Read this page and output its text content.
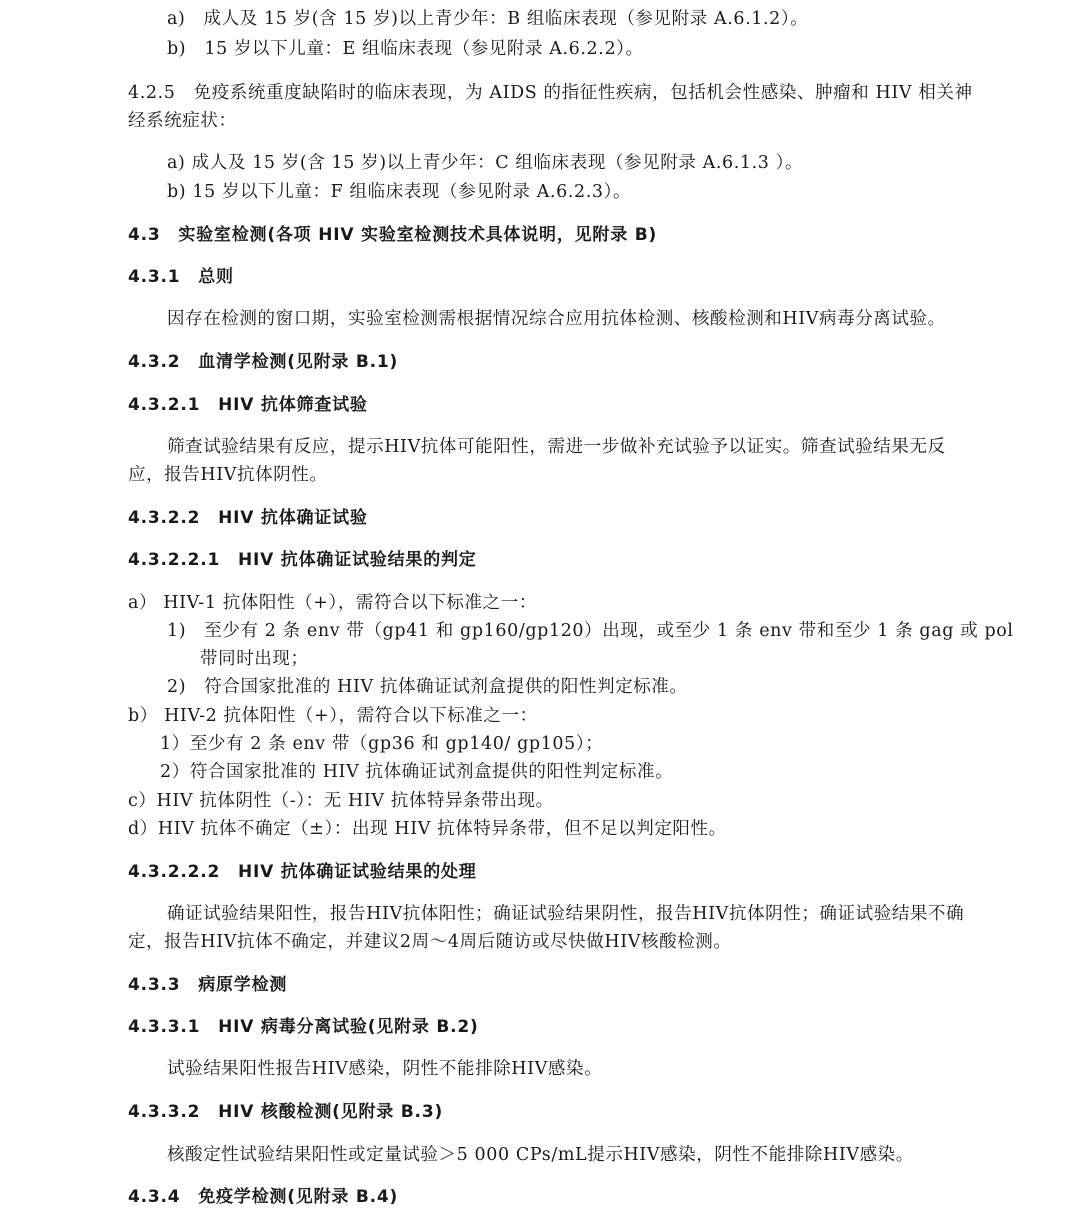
a)　成人及 15 岁(含 15 岁)以上青少年：B 组临床表现（参见附录 A.6.1.2）。
b)　15 岁以下儿童：E 组临床表现（参见附录 A.6.2.2）。
4.2.5　免疫系统重度缺陷时的临床表现，为 AIDS 的指征性疾病，包括机会性感染、肿瘤和 HIV 相关神
经系统症状：
a) 成人及 15 岁(含 15 岁)以上青少年：C 组临床表现（参见附录 A.6.1.3 ）。
b) 15 岁以下儿童：F 组临床表现（参见附录 A.6.2.3）。
4.3　实验室检测(各项 HIV 实验室检测技术具体说明，见附录 B)
4.3.1　总则
因存在检测的窗口期，实验室检测需根据情况综合应用抗体检测、核酸检测和HIV病毒分离试验。
4.3.2　血清学检测(见附录 B.1)
4.3.2.1　HIV 抗体筛查试验
筛查试验结果有反应，提示HIV抗体可能阳性，需进一步做补充试验予以证实。筛查试验结果无反
应，报告HIV抗体阴性。
4.3.2.2　HIV 抗体确证试验
4.3.2.2.1　HIV 抗体确证试验结果的判定
a） HIV-1 抗体阳性（+），需符合以下标准之一：
1)　至少有 2 条 env 带（gp41 和 gp160/gp120）出现，或至少 1 条 env 带和至少 1 条 gag 或 pol
带同时出现；
2)　符合国家批准的 HIV 抗体确证试剂盒提供的阳性判定标准。
b） HIV-2 抗体阳性（+），需符合以下标准之一：
1）至少有 2 条 env 带（gp36 和 gp140/ gp105）；
2）符合国家批准的 HIV 抗体确证试剂盒提供的阳性判定标准。
c）HIV 抗体阴性（-）：无 HIV 抗体特异条带出现。
d）HIV 抗体不确定（±）：出现 HIV 抗体特异条带，但不足以判定阳性。
4.3.2.2.2　HIV 抗体确证试验结果的处理
确证试验结果阳性，报告HIV抗体阳性；确证试验结果阴性，报告HIV抗体阴性；确证试验结果不确
定，报告HIV抗体不确定，并建议2周～4周后随访或尽快做HIV核酸检测。
4.3.3　病原学检测
4.3.3.1　HIV 病毒分离试验(见附录 B.2)
试验结果阳性报告HIV感染，阴性不能排除HIV感染。
4.3.3.2　HIV 核酸检测(见附录 B.3)
核酸定性试验结果阳性或定量试验＞5 000 CPs/mL提示HIV感染，阴性不能排除HIV感染。
4.3.4　免疫学检测(见附录 B.4)
